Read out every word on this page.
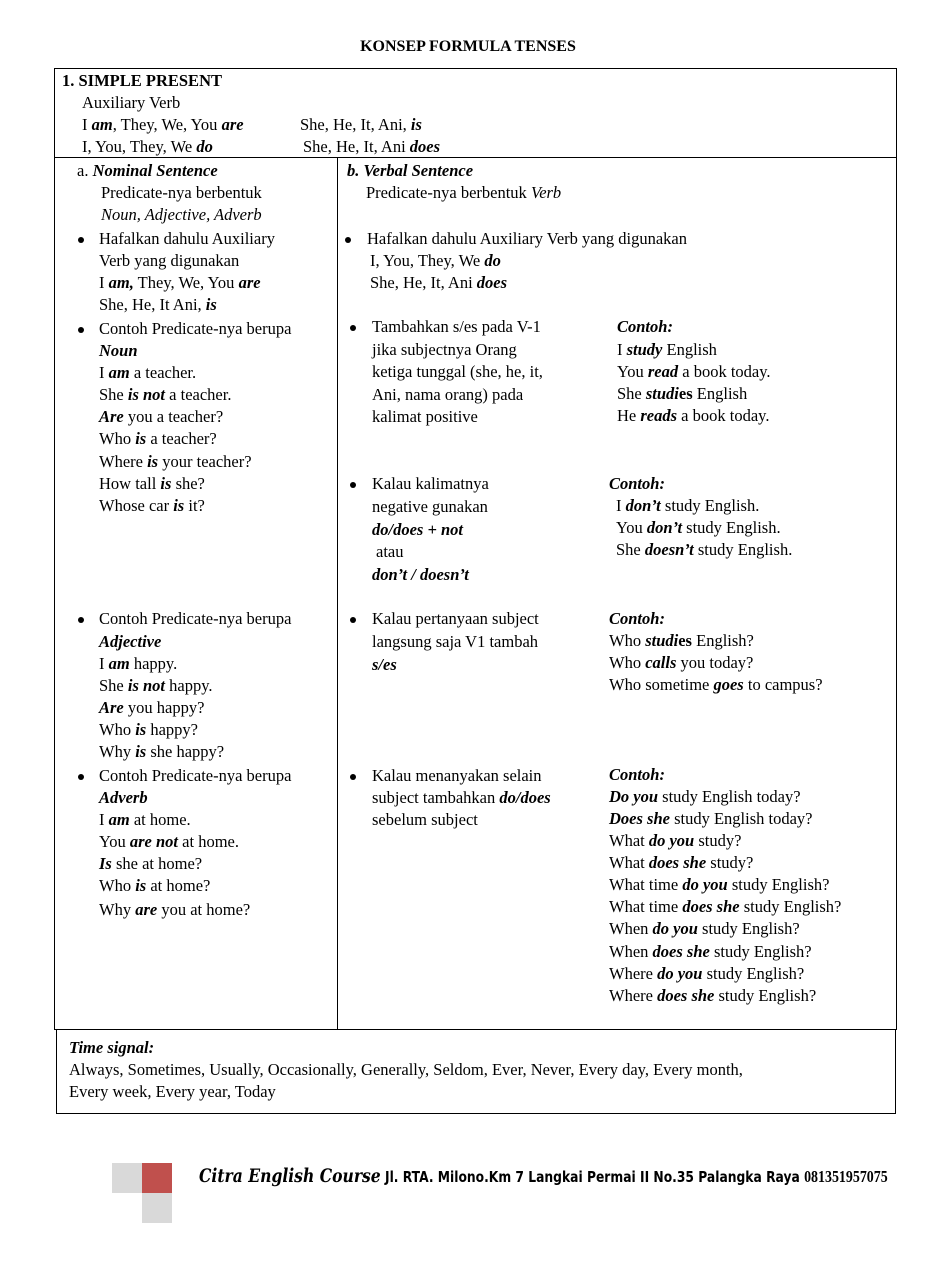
KONSEP FORMULA TENSES
1. SIMPLE PRESENT
Auxiliary Verb
I am, They, We, You are	She, He, It, Ani, is
I, You, They, We do	She, He, It, Ani does
a. Nominal Sentence
Predicate-nya berbentuk
Noun, Adjective, Adverb
Hafalkan dahulu Auxiliary
Verb yang digunakan
I am, They, We, You are
She, He, It Ani, is
Contoh Predicate-nya berupa
Noun
I am a teacher.
She is not a teacher.
Are you a teacher?
Who is a teacher?
Where is your teacher?
How tall is she?
Whose car is it?
Contoh Predicate-nya berupa
Adjective
I am happy.
She is not happy.
Are you happy?
Who is happy?
Why is she happy?
Contoh Predicate-nya berupa
Adverb
I am at home.
You are not at home.
Is she at home?
Who is at home?
Why are you at home?
b. Verbal Sentence
Predicate-nya berbentuk Verb
Hafalkan dahulu Auxiliary Verb yang digunakan
I, You, They, We do
She, He, It, Ani does
Tambahkan s/es pada V-1
jika subjectnya Orang
ketiga tunggal (she, he, it,
Ani, nama orang) pada
kalimat positive
Contoh:
I study English
You read a book today.
She studies English
He reads a book today.
Kalau kalimatnya
negative gunakan
do/does + not
atau
don’t / doesn’t
Contoh:
I don’t study English.
You don’t study English.
She doesn’t study English.
Kalau pertanyaan subject
langsung saja V1 tambah
s/es
Contoh:
Who studies English?
Who calls you today?
Who sometime goes to campus?
Kalau menanyakan selain
subject tambahkan do/does
sebelum subject
Contoh:
Do you study English today?
Does she study English today?
What do you study?
What does she study?
What time do you study English?
What time does she study English?
When do you study English?
When does she study English?
Where do you study English?
Where does she study English?
Time signal:
Always, Sometimes, Usually, Occasionally, Generally, Seldom, Ever, Never, Every day, Every month,
Every week, Every year, Today
Citra English Course Jl. RTA. Milono.Km 7 Langkai Permai II No.35 Palangka Raya 081351957075
